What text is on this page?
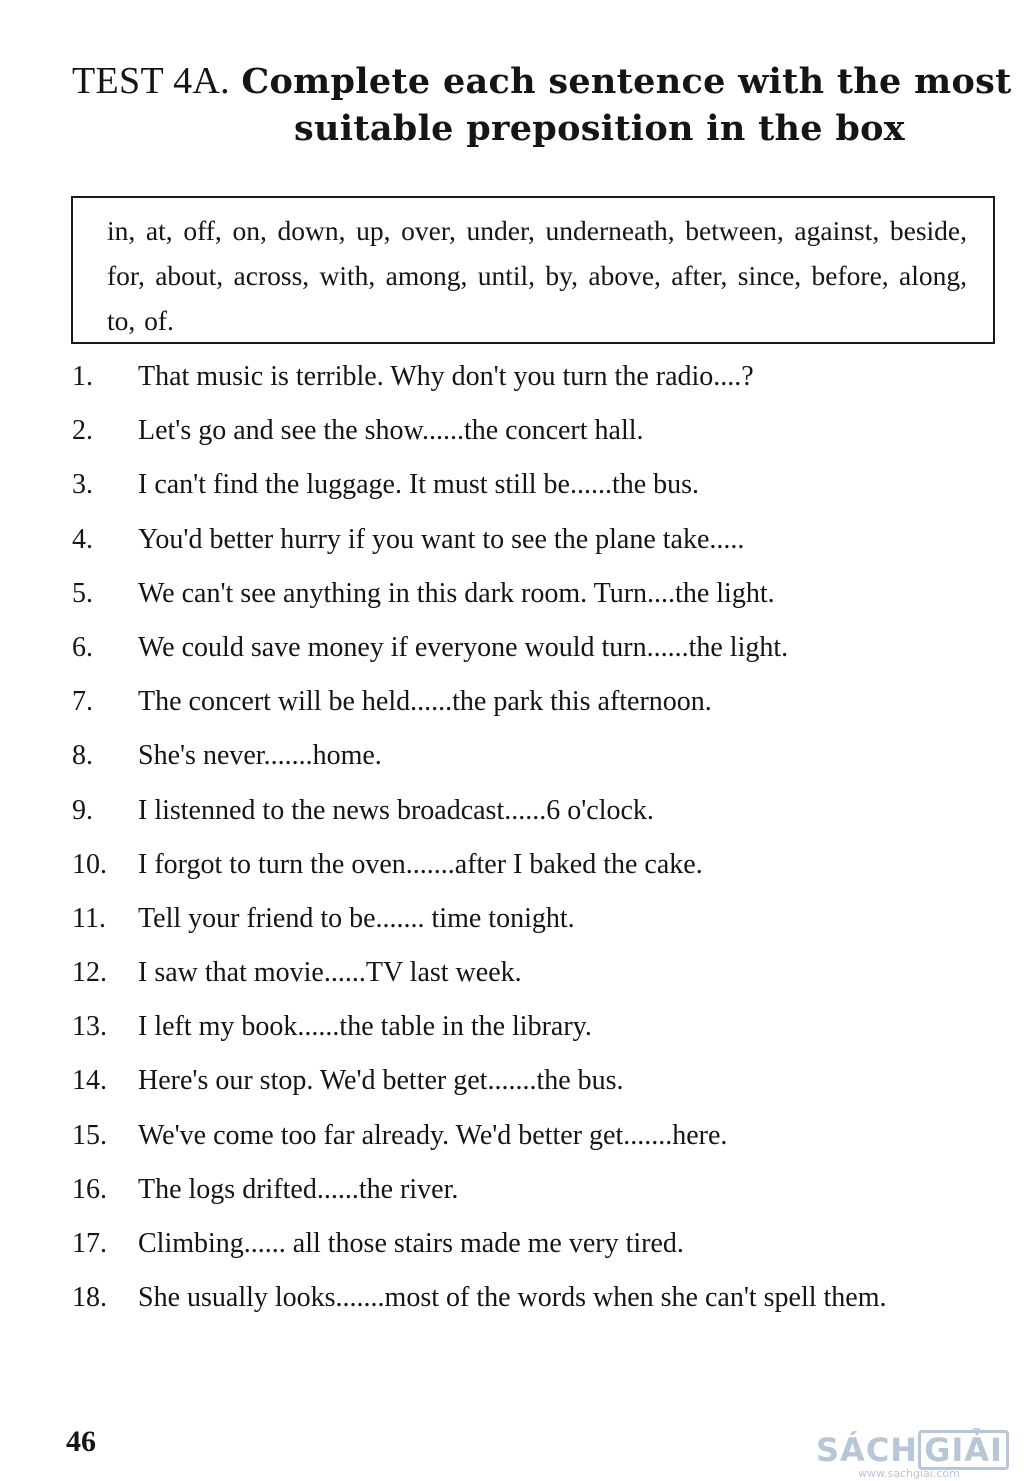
TEST 4A. Complete each sentence with the most
suitable preposition in the box
in, at, off, on, down, up, over, under, underneath, between, against, beside, for, about, across, with, among, until, by, above, after, since, before, along, to, of.
1.	That music is terrible. Why don't you turn the radio....?
2.	Let's go and see the show......the concert hall.
3.	I can't find the luggage. It must still be......the bus.
4.	You'd better hurry if you want to see the plane take.....
5.	We can't see anything in this dark room. Turn....the light.
6.	We could save money if everyone would turn......the light.
7.	The concert will be held......the park this afternoon.
8.	She's never.......home.
9.	I listenned to the news broadcast......6 o'clock.
10.	I forgot to turn the oven.......after I baked the cake.
11.	Tell your friend to be....... time tonight.
12.	I saw that movie......TV last week.
13.	I left my book......the table in the library.
14.	Here's our stop. We'd better get.......the bus.
15.	We've come too far already. We'd better get.......here.
16.	The logs drifted......the river.
17.	Climbing...... all those stairs made me very tired.
18.	She usually looks.......most of the words when she can't spell them.
46	SÁCH GIẢI
www.sachgiai.com
